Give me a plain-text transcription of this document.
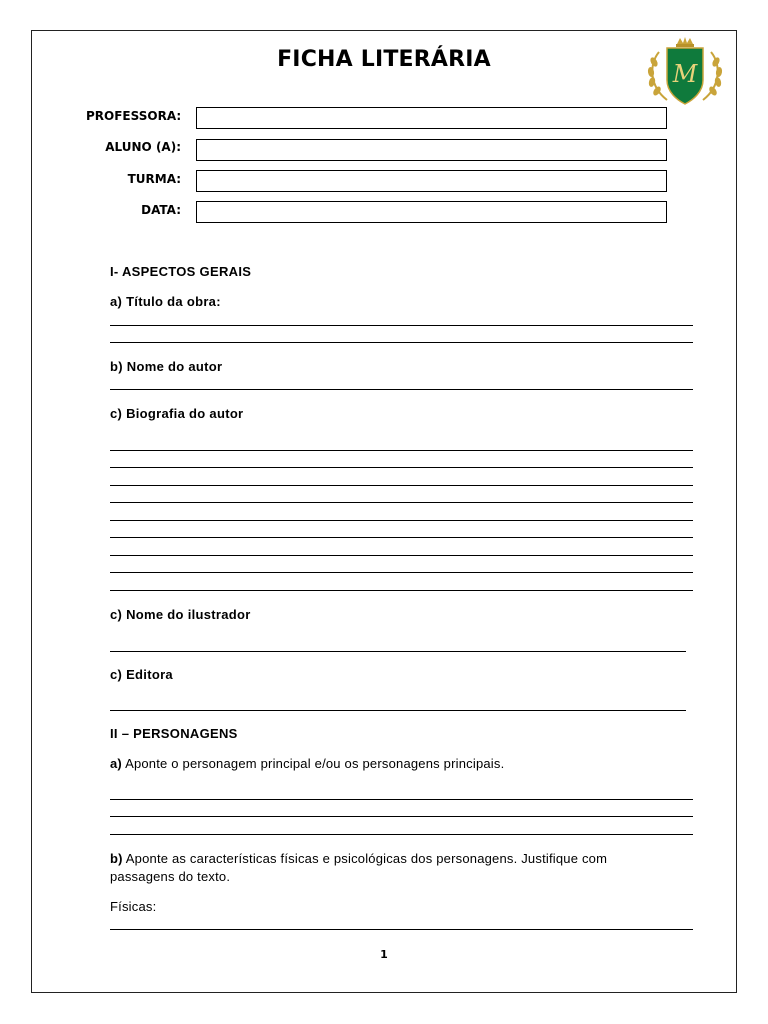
FICHA LITERÁRIA
M
PROFESSORA:
ALUNO (A):
TURMA:
DATA:
I- ASPECTOS GERAIS
a) Título da obra:
b) Nome do autor
c) Biografia do autor
c) Nome do ilustrador
c) Editora
II – PERSONAGENS
a) Aponte o personagem principal e/ou os personagens principais.
b) Aponte as características físicas e psicológicas dos personagens. Justifique com
passagens do texto.
Físicas:
1
